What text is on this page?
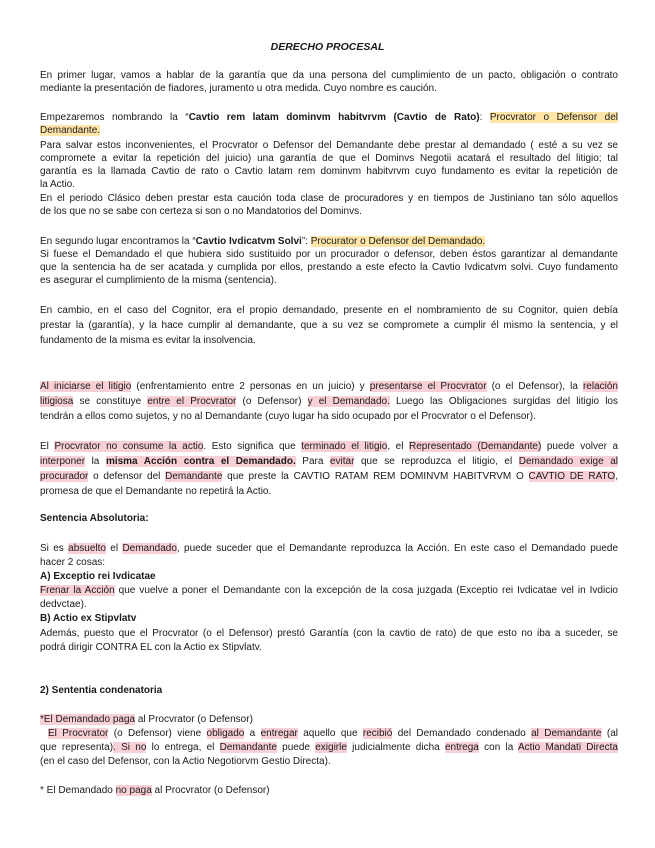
DERECHO PROCESAL
En primer lugar, vamos a hablar de la garantía que da una persona del cumplimiento de un pacto, obligación o contrato
mediante la presentación de fiadores, juramento u otra medida. Cuyo nombre es caución.
Empezaremos nombrando la “Cavtio rem latam dominvm habitvrvm (Cavtio de Rato): Procvrator o Defensor del
Demandante.
Para salvar estos inconvenientes, el Procvrator o Defensor del Demandante debe prestar al demandado ( esté a su vez se
compromete a evitar la repetición del juicio) una garantía de que el Dominvs Negotii acatará el resultado del litigio; tal
garantía es la llamada Cavtio de rato o Cavtio latam rem dominvm habitvrvm cuyo fundamento es evitar la repetición de
la Actio.
En el periodo Clásico deben prestar esta caución toda clase de procuradores y en tiempos de Justiniano tan sólo aquellos
de los que no se sabe con certeza si son o no Mandatorios del Dominvs.
En segundo lugar encontramos la “Cavtio Ivdicatvm Solvi”: Procurator o Defensor del Demandado.
Si fuese el Demandado el que hubiera sido sustituido por un procurador o defensor, deben éstos garantizar al demandante
que la sentencia ha de ser acatada y cumplida por ellos, prestando a este efecto la Cavtio Ivdicatvm solvi. Cuyo fundamento
es asegurar el cumplimiento de la misma (sentencia).
En cambio, en el caso del Cognitor, era el propio demandado, presente en el nombramiento de su Cognitor, quien debía
prestar la (garantía), y la hace cumplir al demandante, que a su vez se compromete a cumplir él mismo la sentencia, y el
fundamento de la misma es evitar la insolvencia.
Al iniciarse el litigio (enfrentamiento entre 2 personas en un juicio) y presentarse el Procvrator (o el Defensor), la relación
litigiosa se constituye entre el Procvrator (o Defensor) y el Demandado. Luego las Obligaciones surgidas del litigio los
tendrán a ellos como sujetos, y no al Demandante (cuyo lugar ha sido ocupado por el Procvrator o el Defensor).
El Procvrator no consume la actio. Esto significa que terminado el litigio, el Representado (Demandante) puede volver a
interponer la misma Acción contra el Demandado. Para evitar que se reproduzca el litigio, el Demandado exige al
procurador o defensor del Demandante que preste la CAVTIO RATAM REM DOMINVM HABITVRVM O CAVTIO DE RATO,
promesa de que el Demandante no repetirá la Actio.
Sentencia Absolutoria:
Si es absuelto el Demandado, puede suceder que el Demandante reproduzca la Acción. En este caso el Demandado puede
hacer 2 cosas:
A) Exceptio rei Ivdicatae
Frenar la Acción que vuelve a poner el Demandante con la excepción de la cosa juzgada (Exceptio rei Ivdicatae vel in Ivdicio
dedvctae).
B) Actio ex Stipvlatv
Además, puesto que el Procvrator (o el Defensor) prestó Garantía (con la cavtio de rato) de que esto no iba a suceder, se
podrá dirigir CONTRA ÉL con la Actio ex Stipvlatv.
2) Sententia condenatoria
*El Demandado paga al Procvrator (o Defensor)
El Procvrator (o Defensor) viene obligado a entregar aquello que recibió del Demandado condenado al Demandante (al
que representa). Si no lo entrega, el Demandante puede exigirle judicialmente dicha entrega con la Actio Mandati Directa
(en el caso del Defensor, con la Actio Negotiorvm Gestio Directa).
* El Demandado no paga al Procvrator (o Defensor)
